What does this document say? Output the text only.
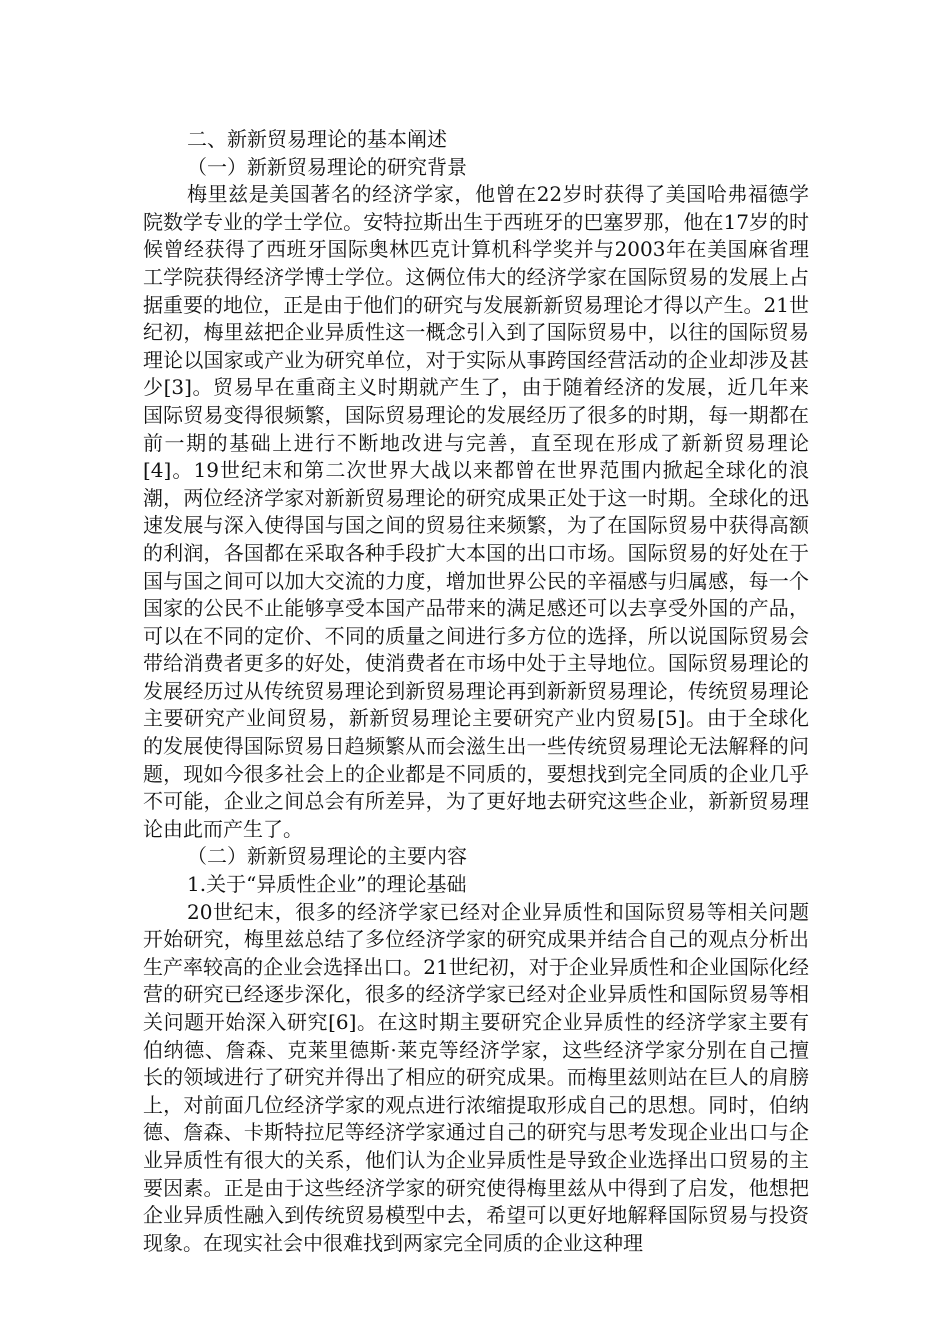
二、新新贸易理论的基本阐述

（一）新新贸易理论的研究背景

梅里兹是美国著名的经济学家，他曾在22岁时获得了美国哈弗福德学院数学专业的学士学位。安特拉斯出生于西班牙的巴塞罗那，他在17岁的时候曾经获得了西班牙国际奥林匹克计算机科学奖并与2003年在美国麻省理工学院获得经济学博士学位。这俩位伟大的经济学家在国际贸易的发展上占据重要的地位，正是由于他们的研究与发展新新贸易理论才得以产生。21世纪初，梅里兹把企业异质性这一概念引入到了国际贸易中，以往的国际贸易理论以国家或产业为研究单位，对于实际从事跨国经营活动的企业却涉及甚少[3]。贸易早在重商主义时期就产生了，由于随着经济的发展，近几年来国际贸易变得很频繁，国际贸易理论的发展经历了很多的时期，每一期都在前一期的基础上进行不断地改进与完善，直至现在形成了新新贸易理论[4]。19世纪末和第二次世界大战以来都曾在世界范围内掀起全球化的浪潮，两位经济学家对新新贸易理论的研究成果正处于这一时期。全球化的迅速发展与深入使得国与国之间的贸易往来频繁，为了在国际贸易中获得高额的利润，各国都在采取各种手段扩大本国的出口市场。国际贸易的好处在于国与国之间可以加大交流的力度，增加世界公民的辛福感与归属感，每一个国家的公民不止能够享受本国产品带来的满足感还可以去享受外国的产品，可以在不同的定价、不同的质量之间进行多方位的选择，所以说国际贸易会带给消费者更多的好处，使消费者在市场中处于主导地位。国际贸易理论的发展经历过从传统贸易理论到新贸易理论再到新新贸易理论，传统贸易理论主要研究产业间贸易，新新贸易理论主要研究产业内贸易[5]。由于全球化的发展使得国际贸易日趋频繁从而会滋生出一些传统贸易理论无法解释的问题，现如今很多社会上的企业都是不同质的，要想找到完全同质的企业几乎不可能，企业之间总会有所差异，为了更好地去研究这些企业，新新贸易理论由此而产生了。

（二）新新贸易理论的主要内容

1.关于“异质性企业”的理论基础

20世纪末，很多的经济学家已经对企业异质性和国际贸易等相关问题开始研究，梅里兹总结了多位经济学家的研究成果并结合自己的观点分析出生产率较高的企业会选择出口。21世纪初，对于企业异质性和企业国际化经营的研究已经逐步深化，很多的经济学家已经对企业异质性和国际贸易等相关问题开始深入研究[6]。在这时期主要研究企业异质性的经济学家主要有伯纳德、詹森、克莱里德斯·莱克等经济学家，这些经济学家分别在自己擅长的领域进行了研究并得出了相应的研究成果。而梅里兹则站在巨人的肩膀上，对前面几位经济学家的观点进行浓缩提取形成自己的思想。同时，伯纳德、詹森、卡斯特拉尼等经济学家通过自己的研究与思考发现企业出口与企业异质性有很大的关系，他们认为企业异质性是导致企业选择出口贸易的主要因素。正是由于这些经济学家的研究使得梅里兹从中得到了启发，他想把企业异质性融入到传统贸易模型中去，希望可以更好地解释国际贸易与投资现象。在现实社会中很难找到两家完全同质的企业这种理
